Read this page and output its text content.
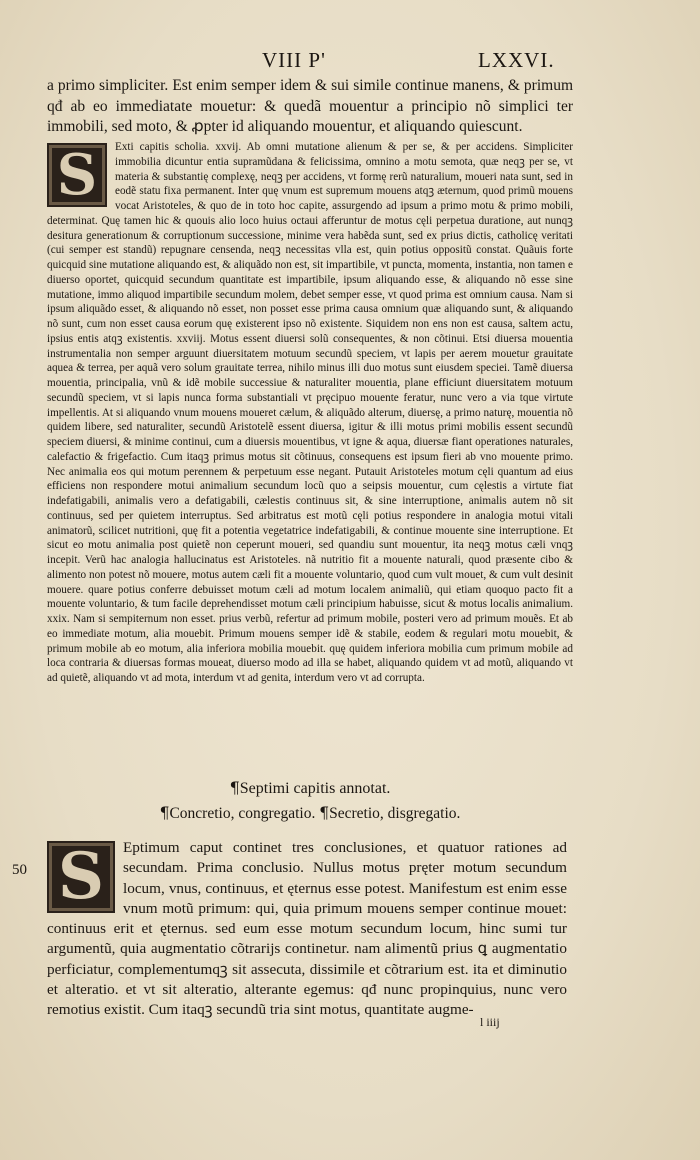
VIII P'	LXXVI.

a primo simpliciter. Est enim semper idem & sui simile continue manens, & primum qđ ab eo immediatate mouetur: & quedã mouentur a principio nõ simplici ter immobili, sed moto, & ꝓpter id aliquando mouentur, et aliquando quiescunt.

S Exti capitis scholia. xxvij. Ab omni mutatione alienum & per se, & per accidens. Simpliciter immobilia dicuntur entia supramũdana & felicissima, omnino a motu semota, quæ neqꝫ per se, vt materia & substantię complexę, neqꝫ per accidens, vt formę rerũ naturalium, moueri nata sunt, sed in eodẽ statu fixa permanent. Inter quę vnum est supremum mouens atqꝫ æternum, quod primũ mouens vocat Aristoteles, & quo de in toto hoc capite, assurgendo ad ipsum a primo motu & primo mobili, determinat. Quę tamen hic & quouis alio loco huius octaui afferuntur de motus cęli perpetua duratione, aut nunqꝫ desitura generationum & corruptionum successione, minime vera habẽda sunt, sed ex prius dictis, catholicę veritati (cui semper est standũ) repugnare censenda, neqꝫ necessitas vlla est, quin potius oppositũ constat. Quãuis forte quicquid sine mutatione aliquando est, & aliquãdo non est, sit impartibile, vt puncta, momenta, instantia, non tamen e diuerso oportet, quicquid secundum quantitate est impartibile, ipsum aliquando esse, & aliquando nõ esse sine mutatione, immo aliquod impartibile secundum molem, debet semper esse, vt quod prima est omnium causa. Nam si ipsum aliquãdo esset, & aliquando nõ esset, non posset esse prima causa omnium quæ aliquando sunt, & aliquando nõ sunt, cum non esset causa eorum quę existerent ipso nõ existente. Siquidem non ens non est causa, saltem actu, ipsius entis atqꝫ existentis. xxviij. Motus essent diuersi solũ consequentes, & non cõtinui. Etsi diuersa mouentia instrumentalia non semper arguunt diuersitatem motuum secundũ speciem, vt lapis per aerem mouetur grauitate aquea & terrea, per aquã vero solum grauitate terrea, nihilo minus illi duo motus sunt eiusdem speciei. Tamẽ diuersa mouentia, principalia, vnũ & idẽ mobile successiue & naturaliter mouentia, plane efficiunt diuersitatem motuum secundũ speciem, vt si lapis nunca forma substantiali vt pręcipuo mouente feratur, nunc vero a via tque virtute impellentis. At si aliquando vnum mouens moueret cælum, & aliquãdo alterum, diuersę, a primo naturę, mouentia nõ quidem libere, sed naturaliter, secundũ Aristotelẽ essent diuersa, igitur & illi motus primi mobilis essent secundũ speciem diuersi, & minime continui, cum a diuersis mouentibus, vt igne & aqua, diuersæ fiant operationes naturales, calefactio & frigefactio. Cum itaqꝫ primus motus sit cõtinuus, consequens est ipsum fieri ab vno mouente primo. Nec animalia eos qui motum perennem & perpetuum esse negant. Putauit Aristoteles motum cęli quantum ad eius efficiens non respondere motui animalium secundum locũ quo a seipsis mouentur, cum cęlestis a virtute fiat indefatigabili, animalis vero a defatigabili, cælestis continuus sit, & sine interruptione, animalis autem nõ sit continuus, sed per quietem interruptus. Sed arbitratus est motũ cęli potius respondere in analogia motui vitali animatorũ, scilicet nutritioni, quę fit a potentia vegetatrice indefatigabili, & continue mouente sine interruptione. Et sicut eo motu animalia post quietẽ non ceperunt moueri, sed quandiu sunt mouentur, ita neqꝫ motus cæli vnqꝫ incepit. Verũ hac analogia hallucinatus est Aristoteles. nã nutritio fit a mouente naturali, quod præsente cibo & alimento non potest nõ mouere, motus autem cæli fit a mouente voluntario, quod cum vult mouet, & cum vult desinit mouere. quare potius conferre debuisset motum cæli ad motum localem animaliũ, qui etiam quoquo pacto fit a mouente voluntario, & tum facile deprehendisset motum cæli principium habuisse, sicut & motus localis animalium. xxix. Nam si sempiternum non esset. prius verbũ, refertur ad primum mobile, posteri vero ad primum mouẽs. Et ab eo immediate motum, alia mouebit. Primum mouens semper idẽ & stabile, eodem & regulari motu mouebit, & primum mobile ab eo motum, alia inferiora mobilia mouebit. quę quidem inferiora mobilia cum primum mobile ad loca contraria & diuersas formas moueat, diuerso modo ad illa se habet, aliquando quidem vt ad motũ, aliquando vt ad quietẽ, aliquando vt ad mota, interdum vt ad genita, interdum vero vt ad corrupta.

¶Septimi capitis annotat.

¶Concretio, congregatio. ¶Secretio, disgregatio.

50 S Eptimum caput continet tres conclusiones, et quatuor rationes ad secundam. Prima conclusio. Nullus motus pręter motum secundum locum, vnus, continuus, et ęternus esse potest. Manifestum est enim esse vnum motũ primum: qui, quia primum mouens semper continue mouet: continuus erit et ęternus. sed eum esse motum secundum locum, hinc sumi tur argumentũ, quia augmentatio cõtrarijs continetur. nam alimentũ prius ꝗ augmentatio perficiatur, complementumqꝫ sit assecuta, dissimile et cõtrarium est. ita et diminutio et alteratio. et vt sit alteratio, alterante egemus: qđ nunc propinquius, nunc vero remotius existit. Cum itaqꝫ secundũ tria sint motus, quantitate augme-
l iiij
